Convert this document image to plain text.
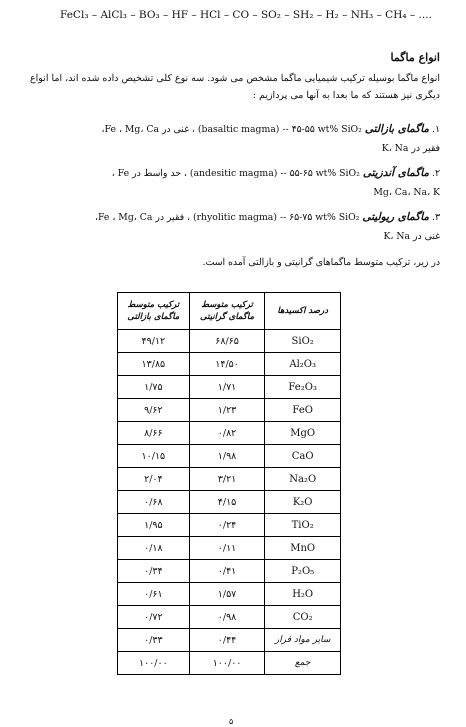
FeCl₃ – AlCl₃ – BO₃ – HF – HCl – CO – SO₂ – SH₂ – H₂ – NH₃ – CH₄ – ....
انواع ماگما
انواع ماگما بوسیله ترکیب شیمیایی ماگما مشخص می شود. سه نوع کلی تشخیص داده شده اند، اما انواع دیگری نیز هستند که ما بعدا به آنها می پردازیم :
۱. ماگمای بازالتی (basaltic magma) -- ۴۵-۵۵ wt% SiO₂ ، غنی در Fe ، Mg، Ca،
فقیر در K، Na
۲. ماگمای آندزیتی (andesitic magma) -- ۵۵-۶۵ wt% SiO₂ ، حد واسط در Fe ،
Mg، Ca، Na، K
۳. ماگمای ریولیتی (rhyolitic magma) -- ۶۵-۷۵ wt% SiO₂ ، فقیر در Fe ، Mg، Ca،
غنی در K، Na
در زیر، ترکیب متوسط ماگماهای گرانیتی و بازالتی آمده است.
ترکیب متوسط ماگمای بازالتی	ترکیب متوسط ماگمای گرانیتی	درصد اکسیدها
۴۹/۱۲	۶۸/۶۵	SiO₂
۱۳/۸۵	۱۴/۵۰	Al₂O₃
۱/۷۵	۱/۷۱	Fe₂O₃
۹/۶۲	۱/۲۳	FeO
۸/۶۶	۰/۸۲	MgO
۱۰/۱۵	۱/۹۸	CaO
۲/۰۴	۳/۲۱	Na₂O
۰/۶۸	۴/۱۵	K₂O
۱/۹۵	۰/۲۴	TiO₂
۰/۱۸	۰/۱۱	MnO
۰/۳۴	۰/۴۱	P₂O₅
۰/۶۱	۱/۵۷	H₂O
۰/۷۲	۰/۹۸	CO₂
۰/۳۳	۰/۴۴	سایر مواد فرار
۱۰۰/۰۰	۱۰۰/۰۰	جمع
۵
